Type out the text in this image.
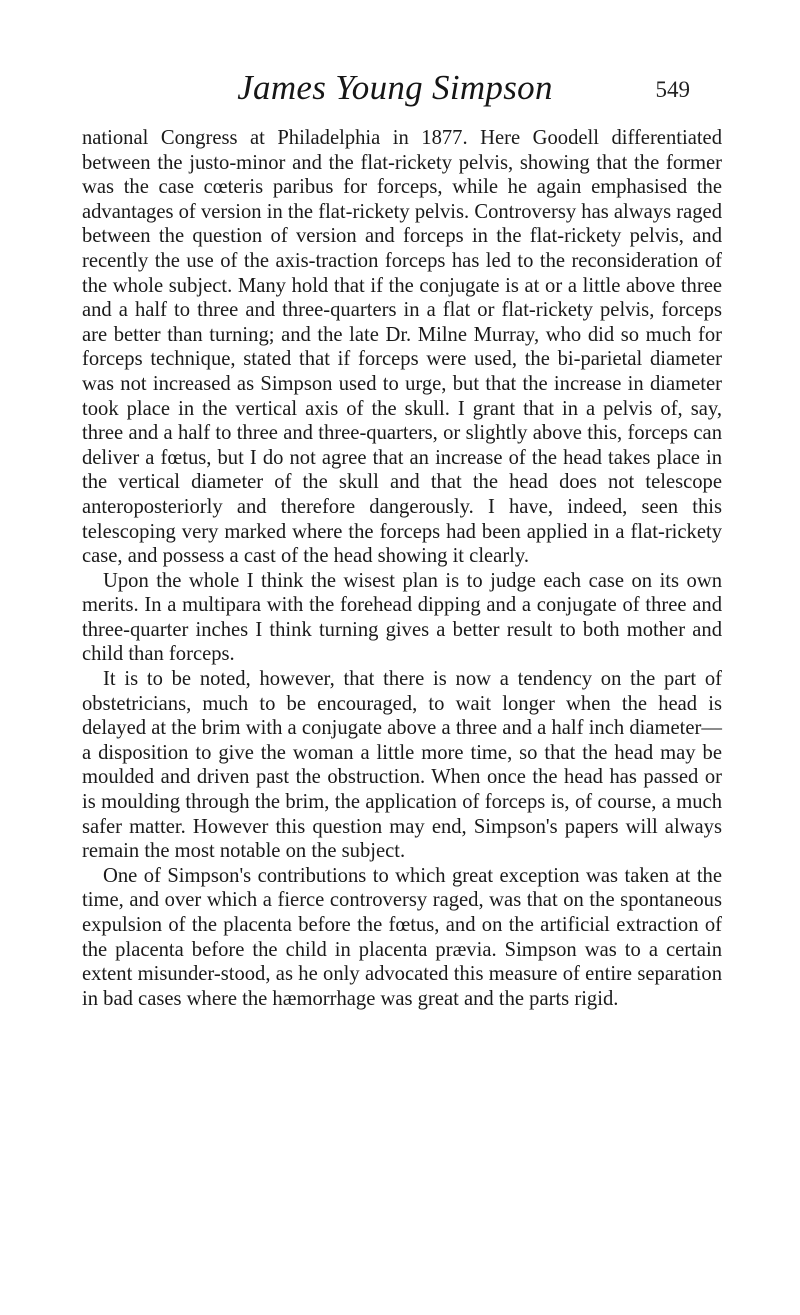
James Young Simpson	549

national Congress at Philadelphia in 1877. Here Goodell differentiated between the justo-minor and the flat-rickety pelvis, showing that the former was the case cœteris paribus for forceps, while he again emphasised the advantages of version in the flat-rickety pelvis. Controversy has always raged between the question of version and forceps in the flat-rickety pelvis, and recently the use of the axis-traction forceps has led to the reconsideration of the whole subject. Many hold that if the conjugate is at or a little above three and a half to three and three-quarters in a flat or flat-rickety pelvis, forceps are better than turning; and the late Dr. Milne Murray, who did so much for forceps technique, stated that if forceps were used, the bi-parietal diameter was not increased as Simpson used to urge, but that the increase in diameter took place in the vertical axis of the skull. I grant that in a pelvis of, say, three and a half to three and three-quarters, or slightly above this, forceps can deliver a fœtus, but I do not agree that an increase of the head takes place in the vertical diameter of the skull and that the head does not telescope anteroposteriorly and therefore dangerously. I have, indeed, seen this telescoping very marked where the forceps had been applied in a flat-rickety case, and possess a cast of the head showing it clearly.

Upon the whole I think the wisest plan is to judge each case on its own merits. In a multipara with the forehead dipping and a conjugate of three and three-quarter inches I think turning gives a better result to both mother and child than forceps.

It is to be noted, however, that there is now a tendency on the part of obstetricians, much to be encouraged, to wait longer when the head is delayed at the brim with a conjugate above a three and a half inch diameter—a disposition to give the woman a little more time, so that the head may be moulded and driven past the obstruction. When once the head has passed or is moulding through the brim, the application of forceps is, of course, a much safer matter. However this question may end, Simpson's papers will always remain the most notable on the subject.

One of Simpson's contributions to which great exception was taken at the time, and over which a fierce controversy raged, was that on the spontaneous expulsion of the placenta before the fœtus, and on the artificial extraction of the placenta before the child in placenta prævia. Simpson was to a certain extent misunder-stood, as he only advocated this measure of entire separation in bad cases where the hæmorrhage was great and the parts rigid.
